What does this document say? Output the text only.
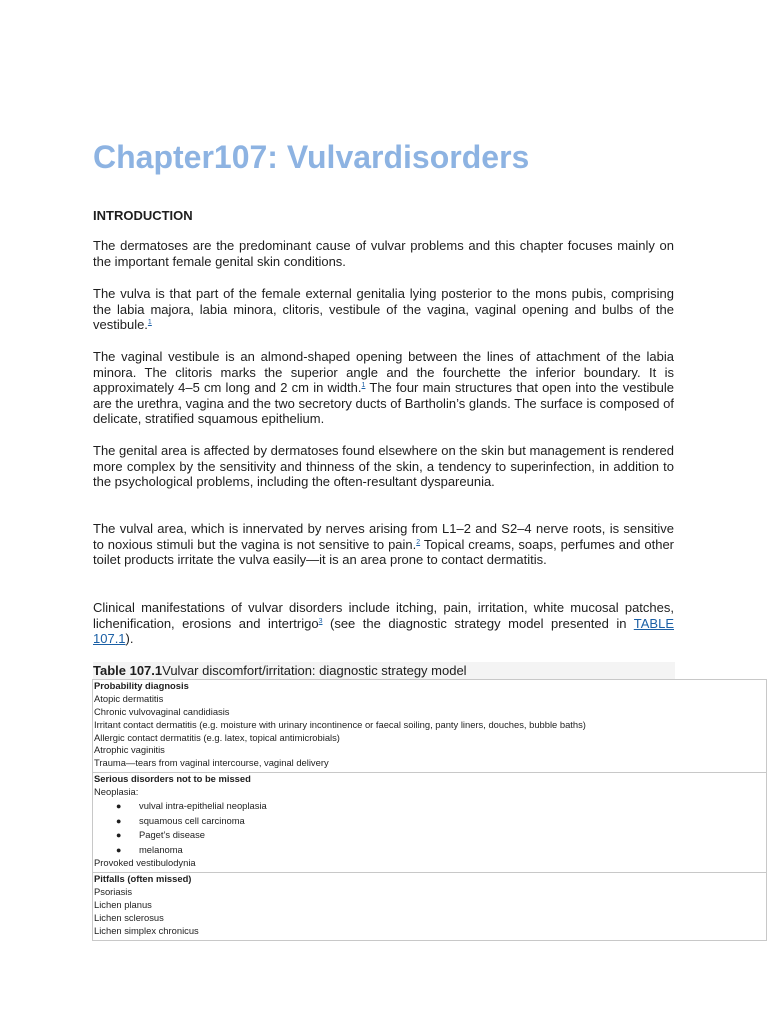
Chapter107: Vulvardisorders
INTRODUCTION

The dermatoses are the predominant cause of vulvar problems and this chapter focuses mainly on the important female genital skin conditions.

The vulva is that part of the female external genitalia lying posterior to the mons pubis, comprising the labia majora, labia minora, clitoris, vestibule of the vagina, vaginal opening and bulbs of the vestibule.$^1$

The vaginal vestibule is an almond-shaped opening between the lines of attachment of the labia minora. The clitoris marks the superior angle and the fourchette the inferior boundary. It is approximately 4–5 cm long and 2 cm in width.$^1$ The four main structures that open into the vestibule are the urethra, vagina and the two secretory ducts of Bartholin’s glands. The surface is composed of delicate, stratified squamous epithelium.

The genital area is affected by dermatoses found elsewhere on the skin but management is rendered more complex by the sensitivity and thinness of the skin, a tendency to superinfection, in addition to the psychological problems, including the often-resultant dyspareunia.

The vulval area, which is innervated by nerves arising from L1–2 and S2–4 nerve roots, is sensitive to noxious stimuli but the vagina is not sensitive to pain.$^2$ Topical creams, soaps, perfumes and other toilet products irritate the vulva easily—it is an area prone to contact dermatitis.

Clinical manifestations of vulvar disorders include itching, pain, irritation, white mucosal patches, lichenification, erosions and intertrigo$^3$ (see the diagnostic strategy model presented in TABLE 107.1).

Table 107.1Vulvar discomfort/irritation: diagnostic strategy model
Probability diagnosis
Atopic dermatitis
Chronic vulvovaginal candidiasis
Irritant contact dermatitis (e.g. moisture with urinary incontinence or faecal soiling, panty liners, douches, bubble baths)
Allergic contact dermatitis (e.g. latex, topical antimicrobials)
Atrophic vaginitis
Trauma—tears from vaginal intercourse, vaginal delivery
Serious disorders not to be missed
Neoplasia:
● vulval intra-epithelial neoplasia
● squamous cell carcinoma
● Paget’s disease
● melanoma
Provoked vestibulodynia
Pitfalls (often missed)
Psoriasis
Lichen planus
Lichen sclerosus
Lichen simplex chronicus
